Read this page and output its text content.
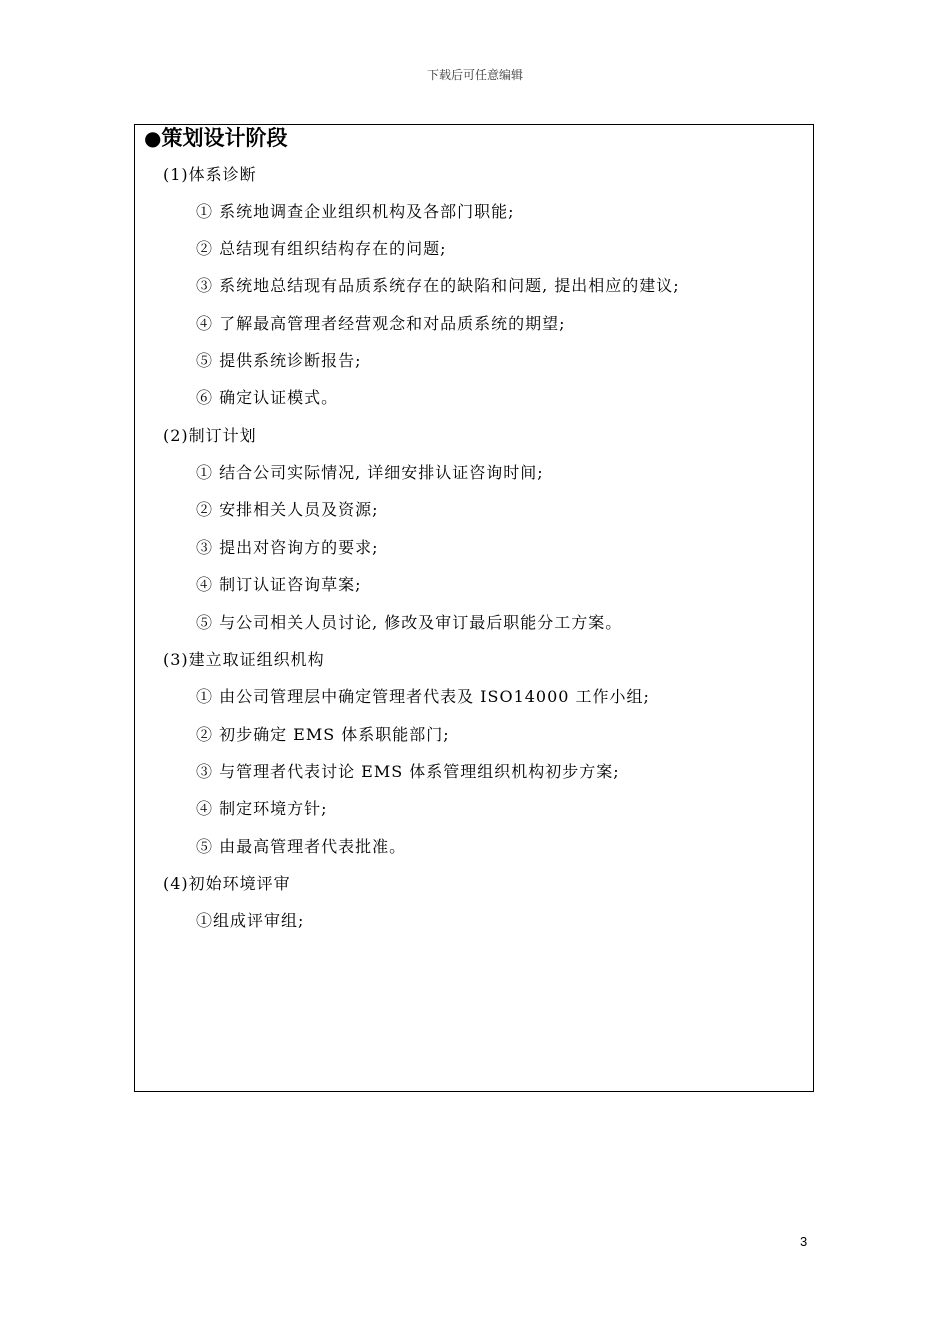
下载后可任意编辑
●策划设计阶段
(1)体系诊断
① 系统地调查企业组织机构及各部门职能;
② 总结现有组织结构存在的问题;
③ 系统地总结现有品质系统存在的缺陷和问题, 提出相应的建议;
④ 了解最高管理者经营观念和对品质系统的期望;
⑤ 提供系统诊断报告;
⑥ 确定认证模式。
(2)制订计划
① 结合公司实际情况, 详细安排认证咨询时间;
② 安排相关人员及资源;
③ 提出对咨询方的要求;
④ 制订认证咨询草案;
⑤ 与公司相关人员讨论, 修改及审订最后职能分工方案。
(3)建立取证组织机构
① 由公司管理层中确定管理者代表及 ISO14000 工作小组;
② 初步确定 EMS 体系职能部门;
③ 与管理者代表讨论 EMS 体系管理组织机构初步方案;
④ 制定环境方针;
⑤ 由最高管理者代表批准。
(4)初始环境评审
①组成评审组;
3
